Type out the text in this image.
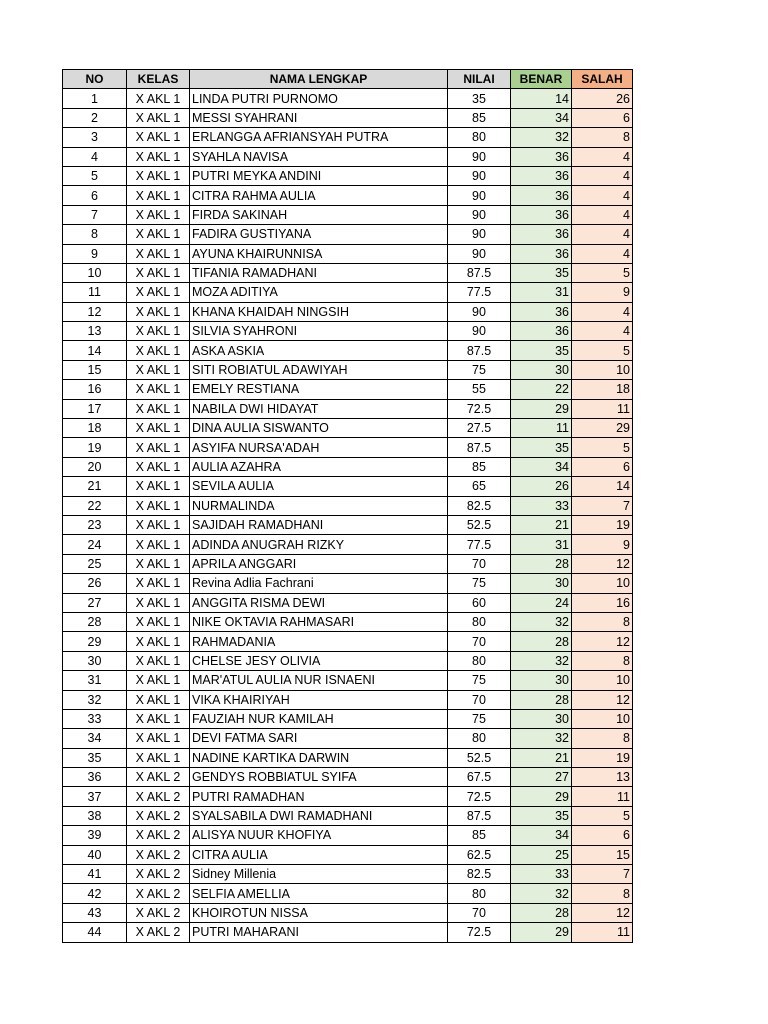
NO	KELAS	NAMA LENGKAP	NILAI	BENAR	SALAH
1	X AKL 1	LINDA PUTRI PURNOMO	35	14	26
2	X AKL 1	MESSI SYAHRANI	85	34	6
3	X AKL 1	ERLANGGA AFRIANSYAH PUTRA	80	32	8
4	X AKL 1	SYAHLA NAVISA	90	36	4
5	X AKL 1	PUTRI MEYKA ANDINI	90	36	4
6	X AKL 1	CITRA RAHMA AULIA	90	36	4
7	X AKL 1	FIRDA SAKINAH	90	36	4
8	X AKL 1	FADIRA GUSTIYANA	90	36	4
9	X AKL 1	AYUNA KHAIRUNNISA	90	36	4
10	X AKL 1	TIFANIA RAMADHANI	87.5	35	5
11	X AKL 1	MOZA ADITIYA	77.5	31	9
12	X AKL 1	KHANA KHAIDAH NINGSIH	90	36	4
13	X AKL 1	SILVIA SYAHRONI	90	36	4
14	X AKL 1	ASKA ASKIA	87.5	35	5
15	X AKL 1	SITI ROBIATUL ADAWIYAH	75	30	10
16	X AKL 1	EMELY RESTIANA	55	22	18
17	X AKL 1	NABILA DWI HIDAYAT	72.5	29	11
18	X AKL 1	DINA AULIA SISWANTO	27.5	11	29
19	X AKL 1	ASYIFA NURSA'ADAH	87.5	35	5
20	X AKL 1	AULIA AZAHRA	85	34	6
21	X AKL 1	SEVILA AULIA	65	26	14
22	X AKL 1	NURMALINDA	82.5	33	7
23	X AKL 1	SAJIDAH RAMADHANI	52.5	21	19
24	X AKL 1	ADINDA ANUGRAH RIZKY	77.5	31	9
25	X AKL 1	APRILA ANGGARI	70	28	12
26	X AKL 1	Revina Adlia Fachrani	75	30	10
27	X AKL 1	ANGGITA RISMA DEWI	60	24	16
28	X AKL 1	NIKE OKTAVIA RAHMASARI	80	32	8
29	X AKL 1	RAHMADANIA	70	28	12
30	X AKL 1	CHELSE JESY OLIVIA	80	32	8
31	X AKL 1	MAR'ATUL AULIA NUR ISNAENI	75	30	10
32	X AKL 1	VIKA KHAIRIYAH	70	28	12
33	X AKL 1	FAUZIAH NUR KAMILAH	75	30	10
34	X AKL 1	DEVI FATMA SARI	80	32	8
35	X AKL 1	NADINE KARTIKA DARWIN	52.5	21	19
36	X AKL 2	GENDYS ROBBIATUL SYIFA	67.5	27	13
37	X AKL 2	PUTRI RAMADHAN	72.5	29	11
38	X AKL 2	SYALSABILA DWI RAMADHANI	87.5	35	5
39	X AKL 2	ALISYA NUUR KHOFIYA	85	34	6
40	X AKL 2	CITRA AULIA	62.5	25	15
41	X AKL 2	Sidney Millenia	82.5	33	7
42	X AKL 2	SELFIA AMELLIA	80	32	8
43	X AKL 2	KHOIROTUN NISSA	70	28	12
44	X AKL 2	PUTRI MAHARANI	72.5	29	11
